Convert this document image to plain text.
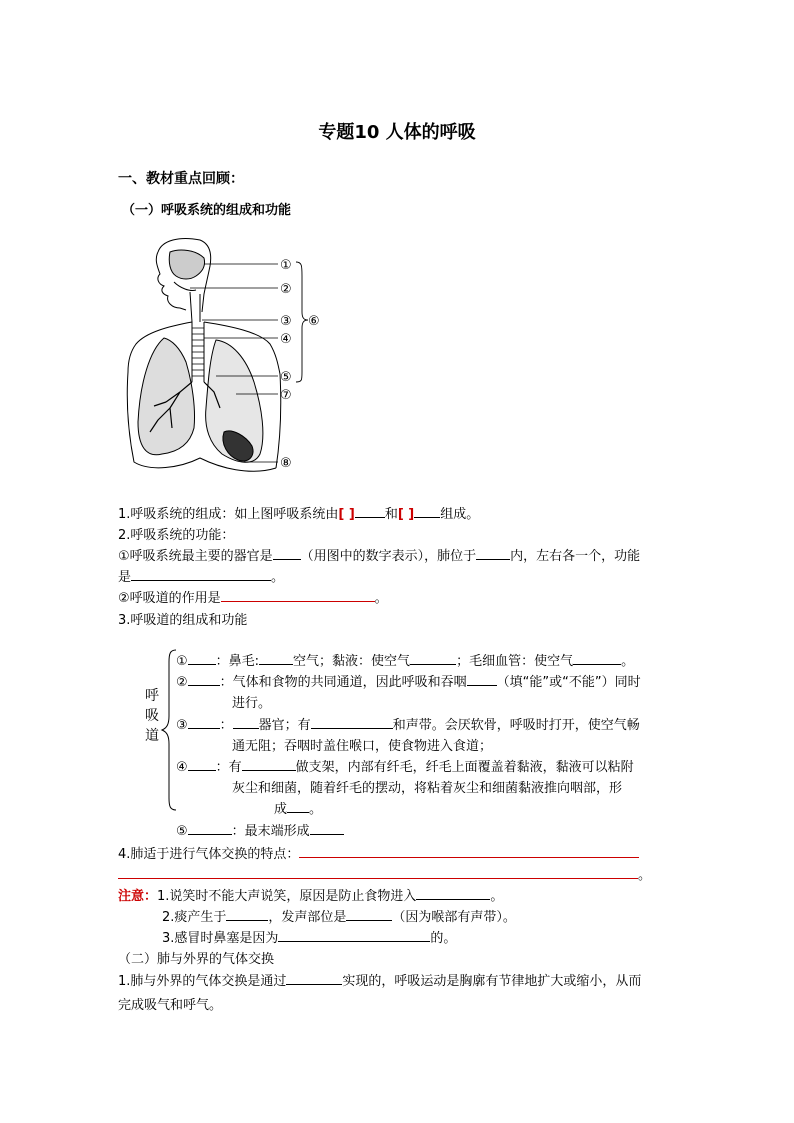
专题10 人体的呼吸
一、教材重点回顾：
（一）呼吸系统的组成和功能
①
②
③
④
⑤
⑦
⑧
⑥
1.呼吸系统的组成：如上图呼吸系统由[ ] 和[ ] 组成。
2.呼吸系统的功能：
①呼吸系统最主要的器官是 （用图中的数字表示），肺位于	内，左右各一个，功能
是	。
②呼吸道的作用是	。
3.呼吸道的组成和功能
呼吸道
① ：鼻毛:	空气；黏液：使空气	；毛细血管：使空气	。
② ：气体和食物的共同通道，因此呼吸和吞咽 （填“能”或“不能”）同时
进行。
③ ： 器官；有	和声带。会厌软骨，呼吸时打开，使空气畅
通无阻；吞咽时盖住喉口，使食物进入食道；
④ ：有	做支架，内部有纤毛，纤毛上面覆盖着黏液，黏液可以粘附
灰尘和细菌，随着纤毛的摆动，将粘着灰尘和细菌黏液推向咽部，形
成 。
⑤	：最末端形成
4.肺适于进行气体交换的特点：
。
注意：1.说笑时不能大声说笑，原因是防止食物进入	。
2.痰产生于	，发声部位是	（因为喉部有声带）。
3.感冒时鼻塞是因为	的。
（二）肺与外界的气体交换
1.肺与外界的气体交换是通过	实现的，呼吸运动是胸廓有节律地扩大或缩小，从而
完成吸气和呼气。
